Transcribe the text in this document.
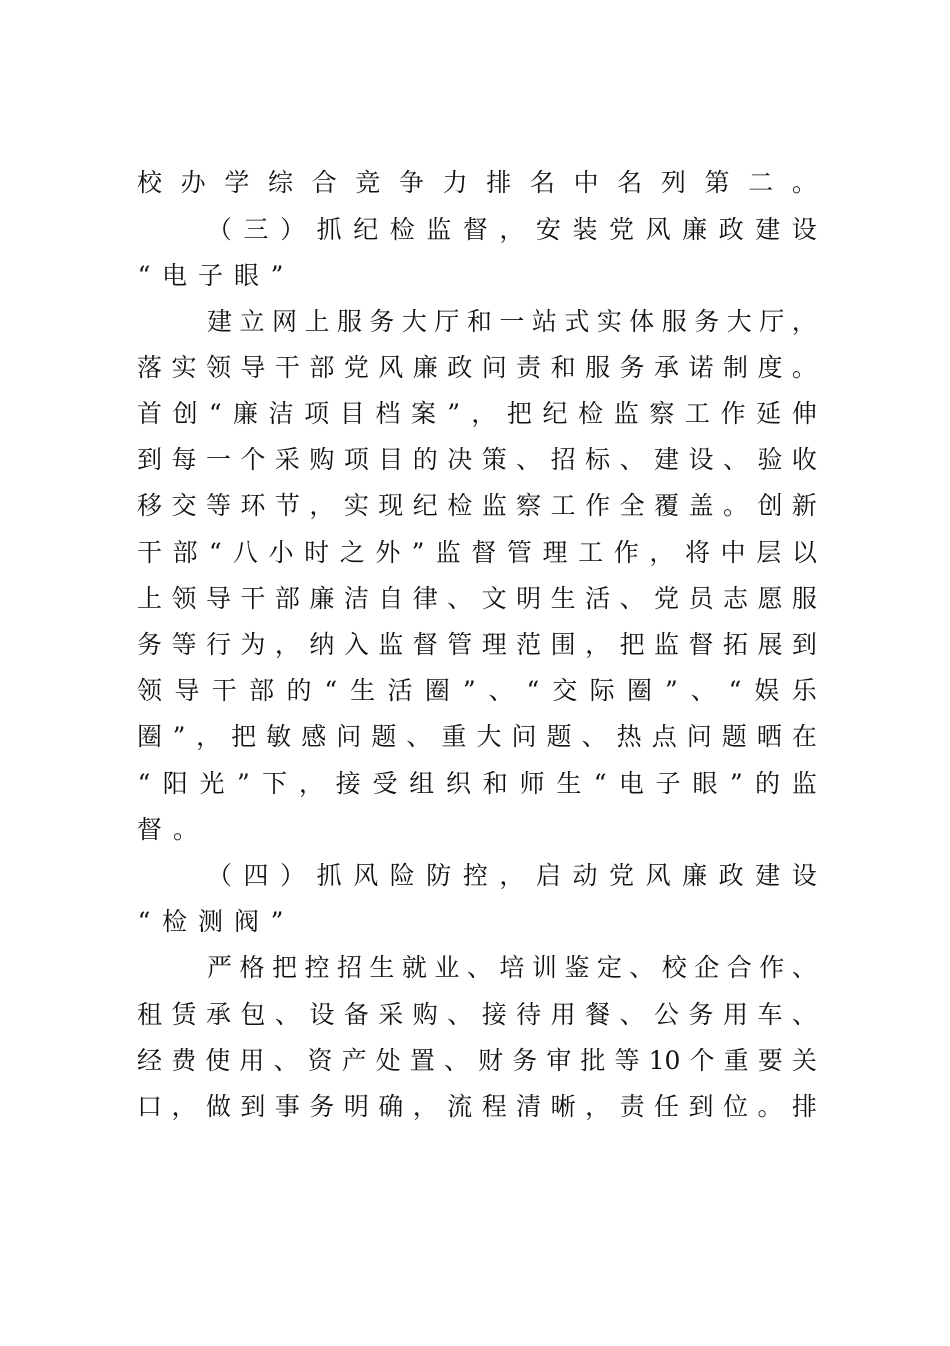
校 办 学 综 合 竞 争 力 排 名 中 名 列 第 二 。
（ 三 ） 抓 纪 检 监 督 ， 安 装 党 风 廉 政 建 设
“ 电 子 眼 ”
建 立 网 上 服 务 大 厅 和 一 站 式 实 体 服 务 大 厅 ，
落 实 领 导 干 部 党 风 廉 政 问 责 和 服 务 承 诺 制 度 。
首 创 “ 廉 洁 项 目 档 案 ” ， 把 纪 检 监 察 工 作 延 伸
到 每 一 个 采 购 项 目 的 决 策 、 招 标 、 建 设 、 验 收
移 交 等 环 节 ， 实 现 纪 检 监 察 工 作 全 覆 盖 。 创 新
干 部 “ 八 小 时 之 外 ” 监 督 管 理 工 作 ， 将 中 层 以
上 领 导 干 部 廉 洁 自 律 、 文 明 生 活 、 党 员 志 愿 服
务 等 行 为 ， 纳 入 监 督 管 理 范 围 ， 把 监 督 拓 展 到
领 导 干 部 的 “ 生 活 圈 ” 、 “ 交 际 圈 ” 、 “ 娱 乐
圈 ” ， 把 敏 感 问 题 、 重 大 问 题 、 热 点 问 题 晒 在
“ 阳 光 ” 下 ， 接 受 组 织 和 师 生 “ 电 子 眼 ” 的 监
督 。
（ 四 ） 抓 风 险 防 控 ， 启 动 党 风 廉 政 建 设
“ 检 测 阀 ”
严 格 把 控 招 生 就 业 、 培 训 鉴 定 、 校 企 合 作 、
租 赁 承 包 、 设 备 采 购 、 接 待 用 餐 、 公 务 用 车 、
经 费 使 用 、 资 产 处 置 、 财 务 审 批 等 10 个 重 要 关
口 ， 做 到 事 务 明 确 ， 流 程 清 晰 ， 责 任 到 位 。 排
